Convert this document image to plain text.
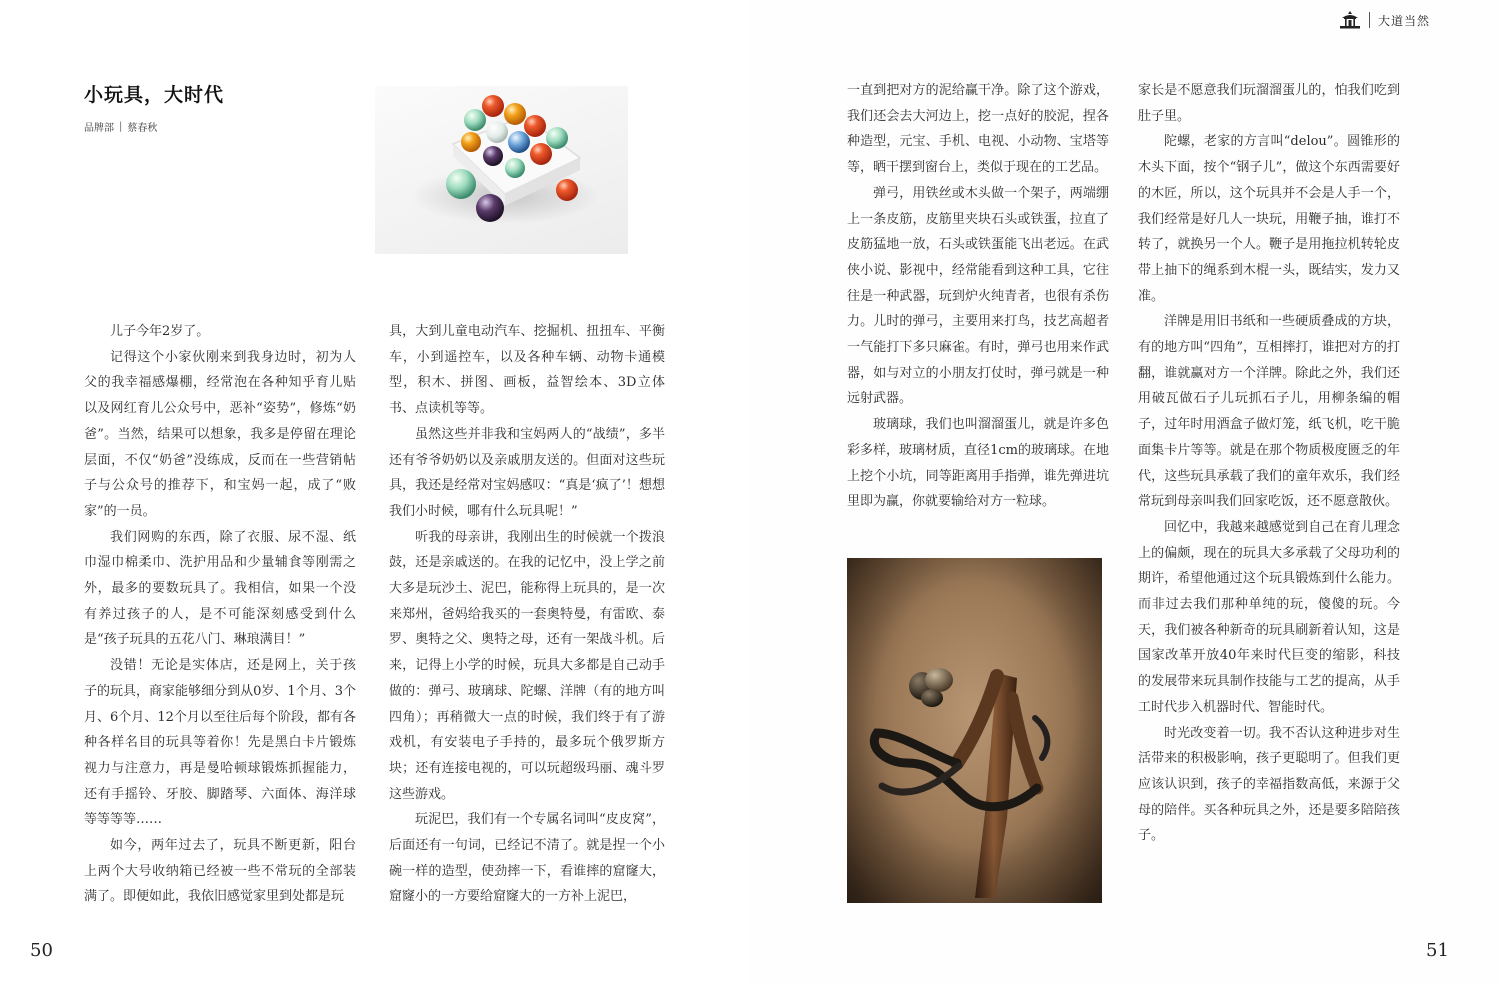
大道当然
小玩具，大时代
品牌部 | 蔡春秋

儿子今年2岁了。

记得这个小家伙刚来到我身边时，初为人父的我幸福感爆棚，经常泡在各种知乎育儿贴以及网红育儿公众号中，恶补“姿势”，修炼“奶爸”。当然，结果可以想象，我多是停留在理论层面，不仅“奶爸”没练成，反而在一些营销帖子与公众号的推荐下，和宝妈一起，成了“败家”的一员。

我们网购的东西，除了衣服、尿不湿、纸巾湿巾棉柔巾、洗护用品和少量辅食等刚需之外，最多的要数玩具了。我相信，如果一个没有养过孩子的人，是不可能深刻感受到什么是“孩子玩具的五花八门、琳琅满目！”

没错！无论是实体店，还是网上，关于孩子的玩具，商家能够细分到从0岁、1个月、3个月、6个月、12个月以至往后每个阶段，都有各种各样名目的玩具等着你！先是黑白卡片锻炼视力与注意力，再是曼哈顿球锻炼抓握能力，还有手摇铃、牙胶、脚踏琴、六面体、海洋球等等等等……

如今，两年过去了，玩具不断更新，阳台上两个大号收纳箱已经被一些不常玩的全部装满了。即便如此，我依旧感觉家里到处都是玩

具，大到儿童电动汽车、挖掘机、扭扭车、平衡车，小到遥控车，以及各种车辆、动物卡通模型，积木、拼图、画板，益智绘本、3D立体书、点读机等等。

虽然这些并非我和宝妈两人的“战绩”，多半还有爷爷奶奶以及亲戚朋友送的。但面对这些玩具，我还是经常对宝妈感叹：“真是‘疯了’！想想我们小时候，哪有什么玩具呢！”

听我的母亲讲，我刚出生的时候就一个拨浪鼓，还是亲戚送的。在我的记忆中，没上学之前大多是玩沙土、泥巴，能称得上玩具的，是一次来郑州，爸妈给我买的一套奥特曼，有雷欧、泰罗、奥特之父、奥特之母，还有一架战斗机。后来，记得上小学的时候，玩具大多都是自己动手做的：弹弓、玻璃球、陀螺、洋牌（有的地方叫四角）；再稍微大一点的时候，我们终于有了游戏机，有安装电子手持的，最多玩个俄罗斯方块；还有连接电视的，可以玩超级玛丽、魂斗罗这些游戏。

玩泥巴，我们有一个专属名词叫“皮皮窝”，后面还有一句词，已经记不清了。就是捏一个小碗一样的造型，使劲摔一下，看谁摔的窟窿大，窟窿小的一方要给窟窿大的一方补上泥巴，

一直到把对方的泥给赢干净。除了这个游戏，我们还会去大河边上，挖一点好的胶泥，捏各种造型，元宝、手机、电视、小动物、宝塔等等，晒干摆到窗台上，类似于现在的工艺品。

弹弓，用铁丝或木头做一个架子，两端绷上一条皮筋，皮筋里夹块石头或铁蛋，拉直了皮筋猛地一放，石头或铁蛋能飞出老远。在武侠小说、影视中，经常能看到这种工具，它往往是一种武器，玩到炉火纯青者，也很有杀伤力。儿时的弹弓，主要用来打鸟，技艺高超者一气能打下多只麻雀。有时，弹弓也用来作武器，如与对立的小朋友打仗时，弹弓就是一种远射武器。

玻璃球，我们也叫溜溜蛋儿，就是许多色彩多样，玻璃材质，直径1cm的玻璃球。在地上挖个小坑，同等距离用手指弹，谁先弹进坑里即为赢，你就要输给对方一粒球。

家长是不愿意我们玩溜溜蛋儿的，怕我们吃到肚子里。

陀螺，老家的方言叫“delou”。圆锥形的木头下面，按个“钢子儿”，做这个东西需要好的木匠，所以，这个玩具并不会是人手一个，我们经常是好几人一块玩，用鞭子抽，谁打不转了，就换另一个人。鞭子是用拖拉机转轮皮带上抽下的绳系到木棍一头，既结实，发力又准。

洋牌是用旧书纸和一些硬质叠成的方块，有的地方叫“四角”，互相摔打，谁把对方的打翻，谁就赢对方一个洋牌。除此之外，我们还用破瓦做石子儿玩抓石子儿，用柳条编的帽子，过年时用酒盒子做灯笼，纸飞机，吃干脆面集卡片等等。就是在那个物质极度匮乏的年代，这些玩具承载了我们的童年欢乐，我们经常玩到母亲叫我们回家吃饭，还不愿意散伙。

回忆中，我越来越感觉到自己在育儿理念上的偏颇，现在的玩具大多承载了父母功利的期许，希望他通过这个玩具锻炼到什么能力。而非过去我们那种单纯的玩，傻傻的玩。今天，我们被各种新奇的玩具刷新着认知，这是国家改革开放40年来时代巨变的缩影，科技的发展带来玩具制作技能与工艺的提高，从手工时代步入机器时代、智能时代。

时光改变着一切。我不否认这种进步对生活带来的积极影响，孩子更聪明了。但我们更应该认识到，孩子的幸福指数高低，来源于父母的陪伴。买各种玩具之外，还是要多陪陪孩子。

50	51
